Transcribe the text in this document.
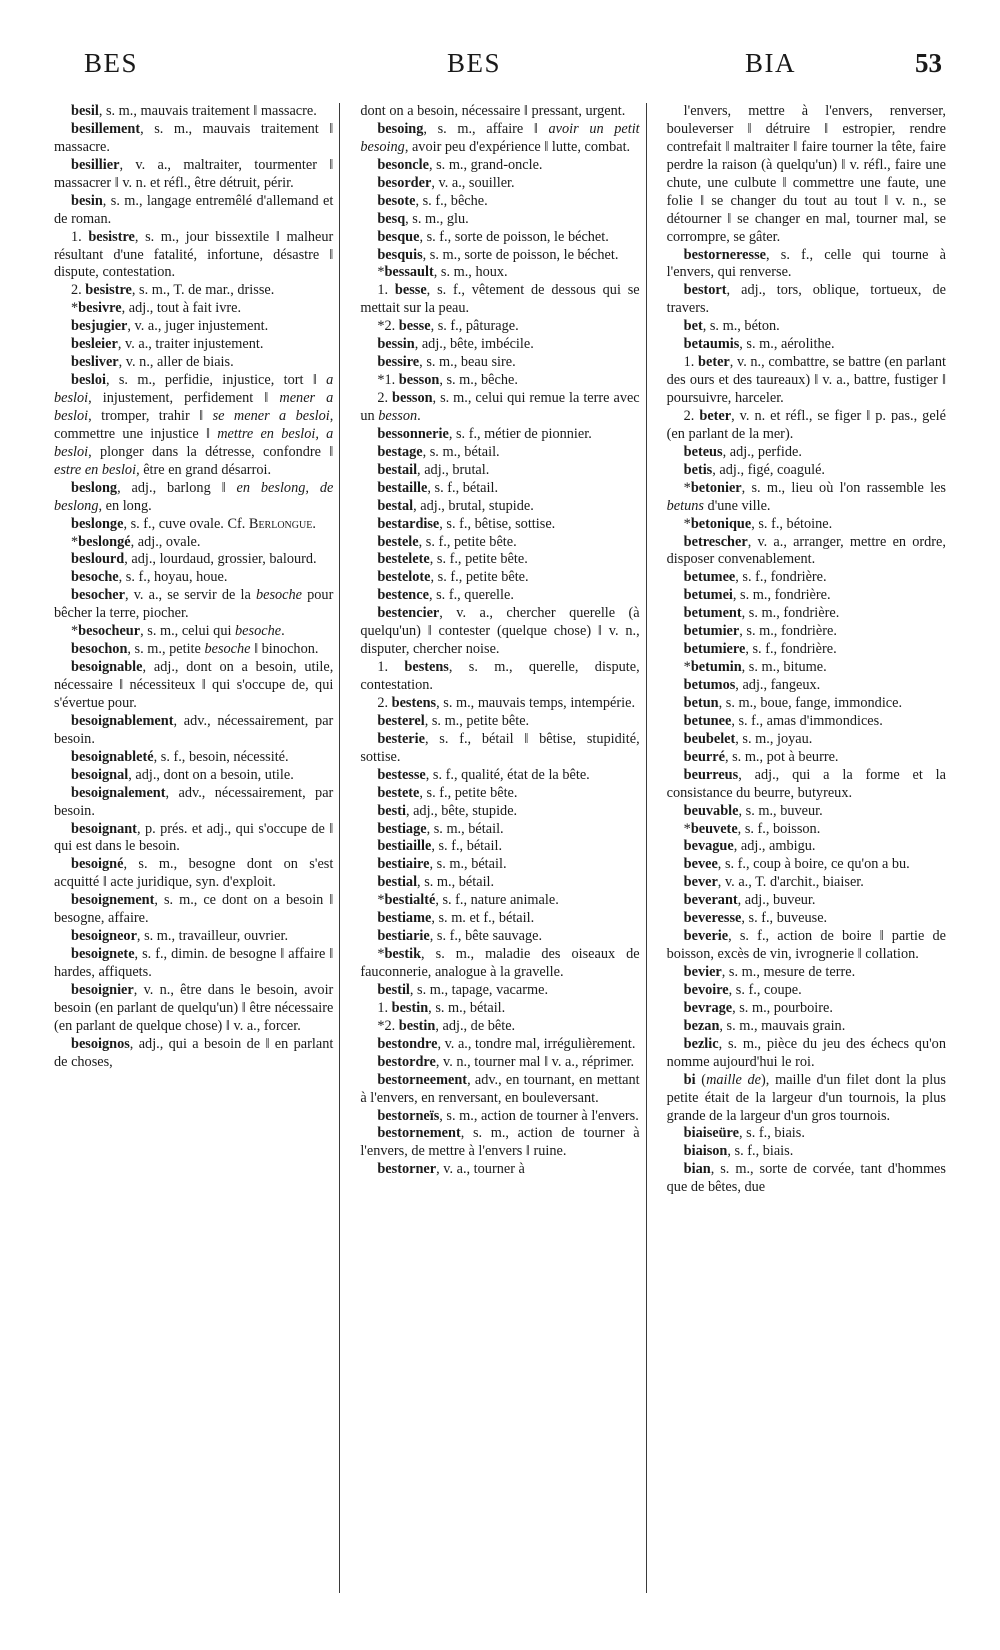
BES	BES	BIA	53

besil, s. m., mauvais traitement ‖ massacre.

besillement, s. m., mauvais traitement ‖ massacre.

besillier, v. a., maltraiter, tourmenter ‖ massacrer ‖ v. n. et réfl., être détruit, périr.

besin, s. m., langage entremêlé d'allemand et de roman.

1. besistre, s. m., jour bissextile ‖ malheur résultant d'une fatalité, infortune, désastre ‖ dispute, contestation.

2. besistre, s. m., T. de mar., drisse.

*besivre, adj., tout à fait ivre.

besjugier, v. a., juger injustement.

besleier, v. a., traiter injustement.

besliver, v. n., aller de biais.

besloi, s. m., perfidie, injustice, tort ‖ a besloi, injustement, perfidement ‖ mener a besloi, tromper, trahir ‖ se mener a besloi, commettre une injustice ‖ mettre en besloi, a besloi, plonger dans la détresse, confondre ‖ estre en besloi, être en grand désarroi.

beslong, adj., barlong ‖ en beslong, de beslong, en long.

beslonge, s. f., cuve ovale. Cf. Berlongue.

*beslongé, adj., ovale.

beslourd, adj., lourdaud, grossier, balourd.

besoche, s. f., hoyau, houe.

besocher, v. a., se servir de la besoche pour bêcher la terre, piocher.

*besocheur, s. m., celui qui besoche.

besochon, s. m., petite besoche ‖ binochon.

besoignable, adj., dont on a besoin, utile, nécessaire ‖ nécessiteux ‖ qui s'occupe de, qui s'évertue pour.

besoignablement, adv., nécessairement, par besoin.

besoignableté, s. f., besoin, nécessité.

besoignal, adj., dont on a besoin, utile.

besoignalement, adv., nécessairement, par besoin.

besoignant, p. prés. et adj., qui s'occupe de ‖ qui est dans le besoin.

besoigné, s. m., besogne dont on s'est acquitté ‖ acte juridique, syn. d'exploit.

besoignement, s. m., ce dont on a besoin ‖ besogne, affaire.

besoigneor, s. m., travailleur, ouvrier.

besoignete, s. f., dimin. de besogne ‖ affaire ‖ hardes, affiquets.

besoignier, v. n., être dans le besoin, avoir besoin (en parlant de quelqu'un) ‖ être nécessaire (en parlant de quelque chose) ‖ v. a., forcer.

besoignos, adj., qui a besoin de ‖ en parlant de choses,

dont on a besoin, nécessaire ‖ pressant, urgent.

besoing, s. m., affaire ‖ avoir un petit besoing, avoir peu d'expérience ‖ lutte, combat.

besoncle, s. m., grand-oncle.

besorder, v. a., souiller.

besote, s. f., bêche.

besq, s. m., glu.

besque, s. f., sorte de poisson, le béchet.

besquis, s. m., sorte de poisson, le béchet.

*bessault, s. m., houx.

1. besse, s. f., vêtement de dessous qui se mettait sur la peau.

*2. besse, s. f., pâturage.

bessin, adj., bête, imbécile.

bessire, s. m., beau sire.

*1. besson, s. m., bêche.

2. besson, s. m., celui qui remue la terre avec un besson.

bessonnerie, s. f., métier de pionnier.

bestage, s. m., bétail.

bestail, adj., brutal.

bestaille, s. f., bétail.

bestal, adj., brutal, stupide.

bestardise, s. f., bêtise, sottise.

bestele, s. f., petite bête.

bestelete, s. f., petite bête.

bestelote, s. f., petite bête.

bestence, s. f., querelle.

bestencier, v. a., chercher querelle (à quelqu'un) ‖ contester (quelque chose) ‖ v. n., disputer, chercher noise.

1. bestens, s. m., querelle, dispute, contestation.

2. bestens, s. m., mauvais temps, intempérie.

besterel, s. m., petite bête.

besterie, s. f., bétail ‖ bêtise, stupidité, sottise.

bestesse, s. f., qualité, état de la bête.

bestete, s. f., petite bête.

besti, adj., bête, stupide.

bestiage, s. m., bétail.

bestiaille, s. f., bétail.

bestiaire, s. m., bétail.

bestial, s. m., bétail.

*bestialté, s. f., nature animale.

bestiame, s. m. et f., bétail.

bestiarie, s. f., bête sauvage.

*bestik, s. m., maladie des oiseaux de fauconnerie, analogue à la gravelle.

bestil, s. m., tapage, vacarme.

1. bestin, s. m., bétail.

*2. bestin, adj., de bête.

bestondre, v. a., tondre mal, irrégulièrement.

bestordre, v. n., tourner mal ‖ v. a., réprimer.

bestorneement, adv., en tournant, en mettant à l'envers, en renversant, en bouleversant.

bestorneïs, s. m., action de tourner à l'envers.

bestornement, s. m., action de tourner à l'envers, de mettre à l'envers ‖ ruine.

bestorner, v. a., tourner à

l'envers, mettre à l'envers, renverser, bouleverser ‖ détruire ‖ estropier, rendre contrefait ‖ maltraiter ‖ faire tourner la tête, faire perdre la raison (à quelqu'un) ‖ v. réfl., faire une chute, une culbute ‖ commettre une faute, une folie ‖ se changer du tout au tout ‖ v. n., se détourner ‖ se changer en mal, tourner mal, se corrompre, se gâter.

bestorneresse, s. f., celle qui tourne à l'envers, qui renverse.

bestort, adj., tors, oblique, tortueux, de travers.

bet, s. m., béton.

betaumis, s. m., aérolithe.

1. beter, v. n., combattre, se battre (en parlant des ours et des taureaux) ‖ v. a., battre, fustiger ‖ poursuivre, harceler.

2. beter, v. n. et réfl., se figer ‖ p. pas., gelé (en parlant de la mer).

beteus, adj., perfide.

betis, adj., figé, coagulé.

*betonier, s. m., lieu où l'on rassemble les betuns d'une ville.

*betonique, s. f., bétoine.

betrescher, v. a., arranger, mettre en ordre, disposer convenablement.

betumee, s. f., fondrière.

betumei, s. m., fondrière.

betument, s. m., fondrière.

betumier, s. m., fondrière.

betumiere, s. f., fondrière.

*betumin, s. m., bitume.

betumos, adj., fangeux.

betun, s. m., boue, fange, immondice.

betunee, s. f., amas d'immondices.

beubelet, s. m., joyau.

beurré, s. m., pot à beurre.

beurreus, adj., qui a la forme et la consistance du beurre, butyreux.

beuvable, s. m., buveur.

*beuvete, s. f., boisson.

bevague, adj., ambigu.

bevee, s. f., coup à boire, ce qu'on a bu.

bever, v. a., T. d'archit., biaiser.

beverant, adj., buveur.

beveresse, s. f., buveuse.

beverie, s. f., action de boire ‖ partie de boisson, excès de vin, ivrognerie ‖ collation.

bevier, s. m., mesure de terre.

bevoire, s. f., coupe.

bevrage, s. m., pourboire.

bezan, s. m., mauvais grain.

bezlic, s. m., pièce du jeu des échecs qu'on nomme aujourd'hui le roi.

bi (maille de), maille d'un filet dont la plus petite était de la largeur d'un tournois, la plus grande de la largeur d'un gros tournois.

biaiseüre, s. f., biais.

biaison, s. f., biais.

bian, s. m., sorte de corvée, tant d'hommes que de bêtes, due
